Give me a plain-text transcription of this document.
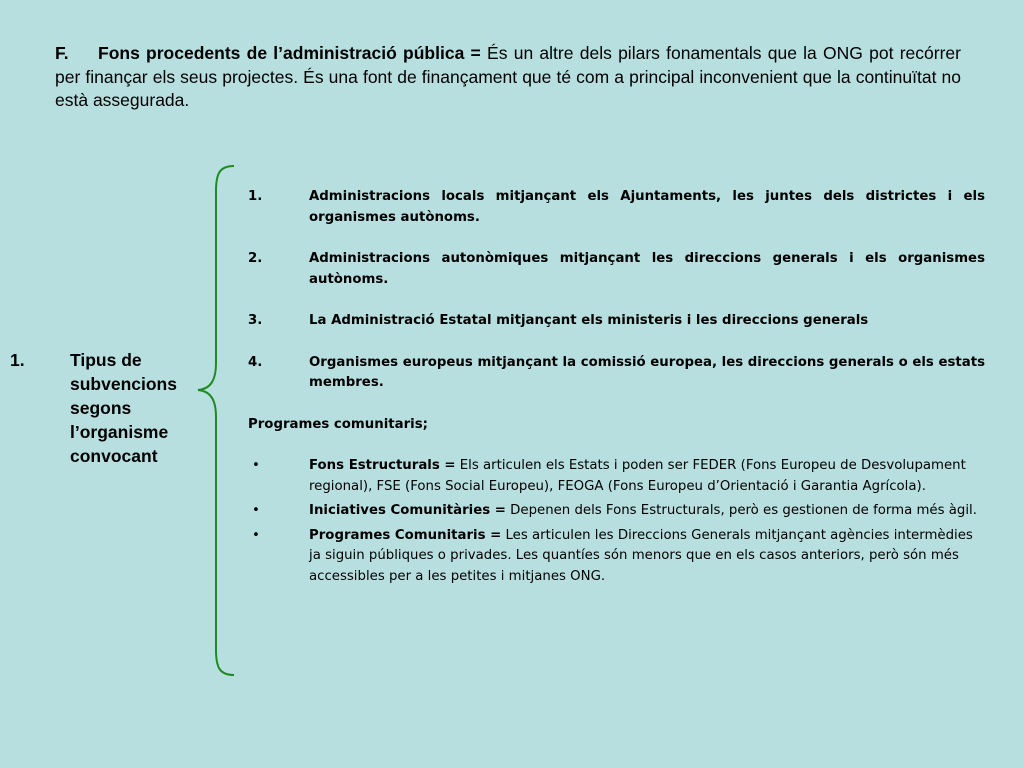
F. Fons procedents de l’administració pública = És un altre dels pilars fonamentals que la ONG pot recórrer per finançar els seus projectes. És una font de finançament que té com a principal inconvenient que la continuïtat no està assegurada.
1.	Tipus de
subvencions
segons
l’organisme
convocant
1.	Administracions locals mitjançant els Ajuntaments, les juntes dels districtes i els organismes autònoms.
2.	Administracions autonòmiques mitjançant les direccions generals i els organismes autònoms.
3.	La Administració Estatal mitjançant els ministeris i les direccions generals
4.	Organismes europeus mitjançant la comissió europea, les direccions generals o els estats membres.
Programes comunitaris;
•	Fons Estructurals = Els articulen els Estats i poden ser FEDER (Fons Europeu de Desvolupament regional), FSE (Fons Social Europeu), FEOGA (Fons Europeu d’Orientació i Garantia Agrícola).
•	Iniciatives Comunitàries = Depenen dels Fons Estructurals, però es gestionen de forma més àgil.
•	Programes Comunitaris = Les articulen les Direccions Generals mitjançant agències intermèdies ja siguin públiques o privades. Les quantíes són menors que en els casos anteriors, però són més accessibles per a les petites i mitjanes ONG.
